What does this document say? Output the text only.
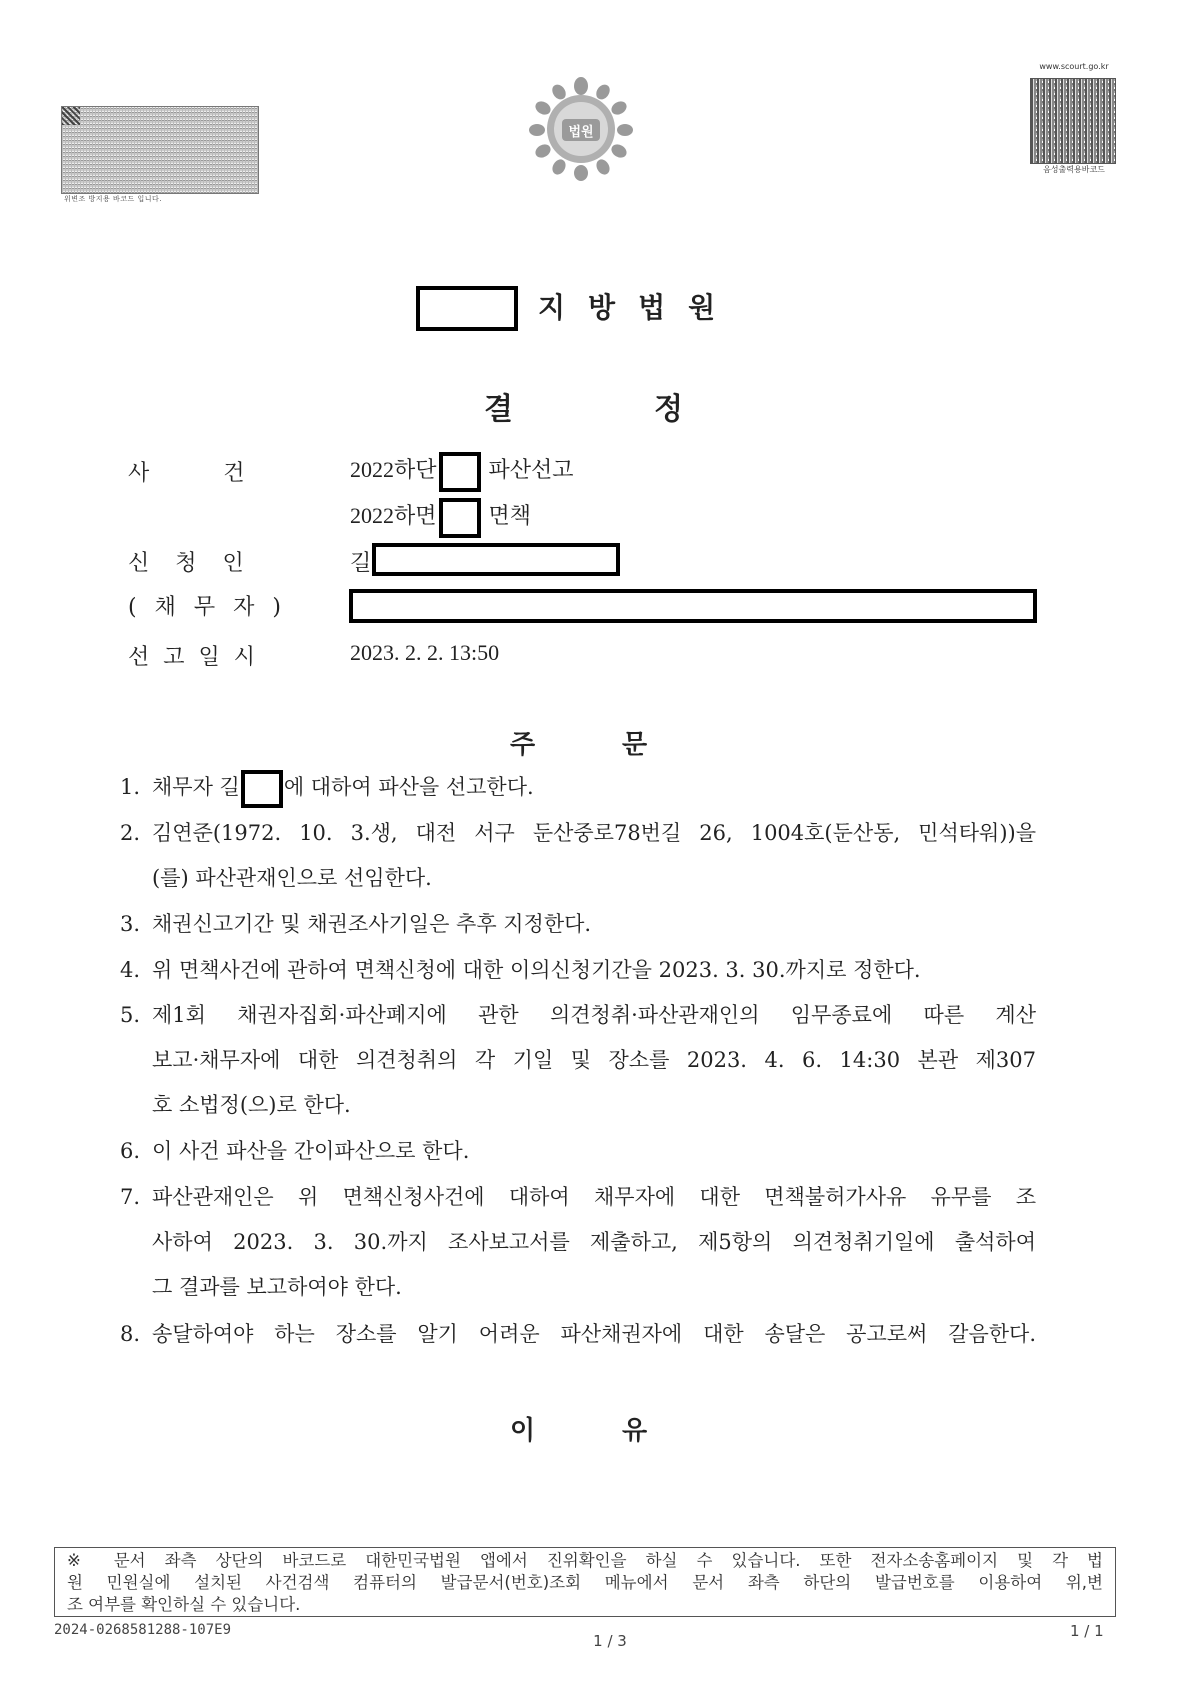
위변조 방지용 바코드 입니다.
법원
www.scourt.go.kr
음성출력용바코드
지방법원
결	정
사건 2022하단 파산선고
2022하면 면책
신청인	길
(채무자)
선고일시	2023. 2. 2. 13:50
주	문
1. 채무자 길 에 대하여 파산을 선고한다.
2. 김연준(1972. 10. 3.생, 대전 서구 둔산중로78번길 26, 1004호(둔산동, 민석타워))을
(를) 파산관재인으로 선임한다.
3. 채권신고기간 및 채권조사기일은 추후 지정한다.
4. 위 면책사건에 관하여 면책신청에 대한 이의신청기간을 2023. 3. 30.까지로 정한다.
5. 제1회 채권자집회·파산폐지에 관한 의견청취·파산관재인의 임무종료에 따른 계산
보고·채무자에 대한 의견청취의 각 기일 및 장소를 2023. 4. 6. 14:30 본관 제307
호 소법정(으)로 한다.
6. 이 사건 파산을 간이파산으로 한다.
7. 파산관재인은 위 면책신청사건에 대하여 채무자에 대한 면책불허가사유 유무를 조
사하여 2023. 3. 30.까지 조사보고서를 제출하고, 제5항의 의견청취기일에 출석하여
그 결과를 보고하여야 한다.
8. 송달하여야 하는 장소를 알기 어려운 파산채권자에 대한 송달은 공고로써 갈음한다.
이	유
※ 문서 좌측 상단의 바코드로 대한민국법원 앱에서 진위확인을 하실 수 있습니다. 또한 전자소송홈페이지 및 각 법
원 민원실에 설치된 사건검색 컴퓨터의 발급문서(번호)조회 메뉴에서 문서 좌측 하단의 발급번호를 이용하여 위,변
조 여부를 확인하실 수 있습니다.
2024-0268581288-107E9
1 / 3
1 / 1
